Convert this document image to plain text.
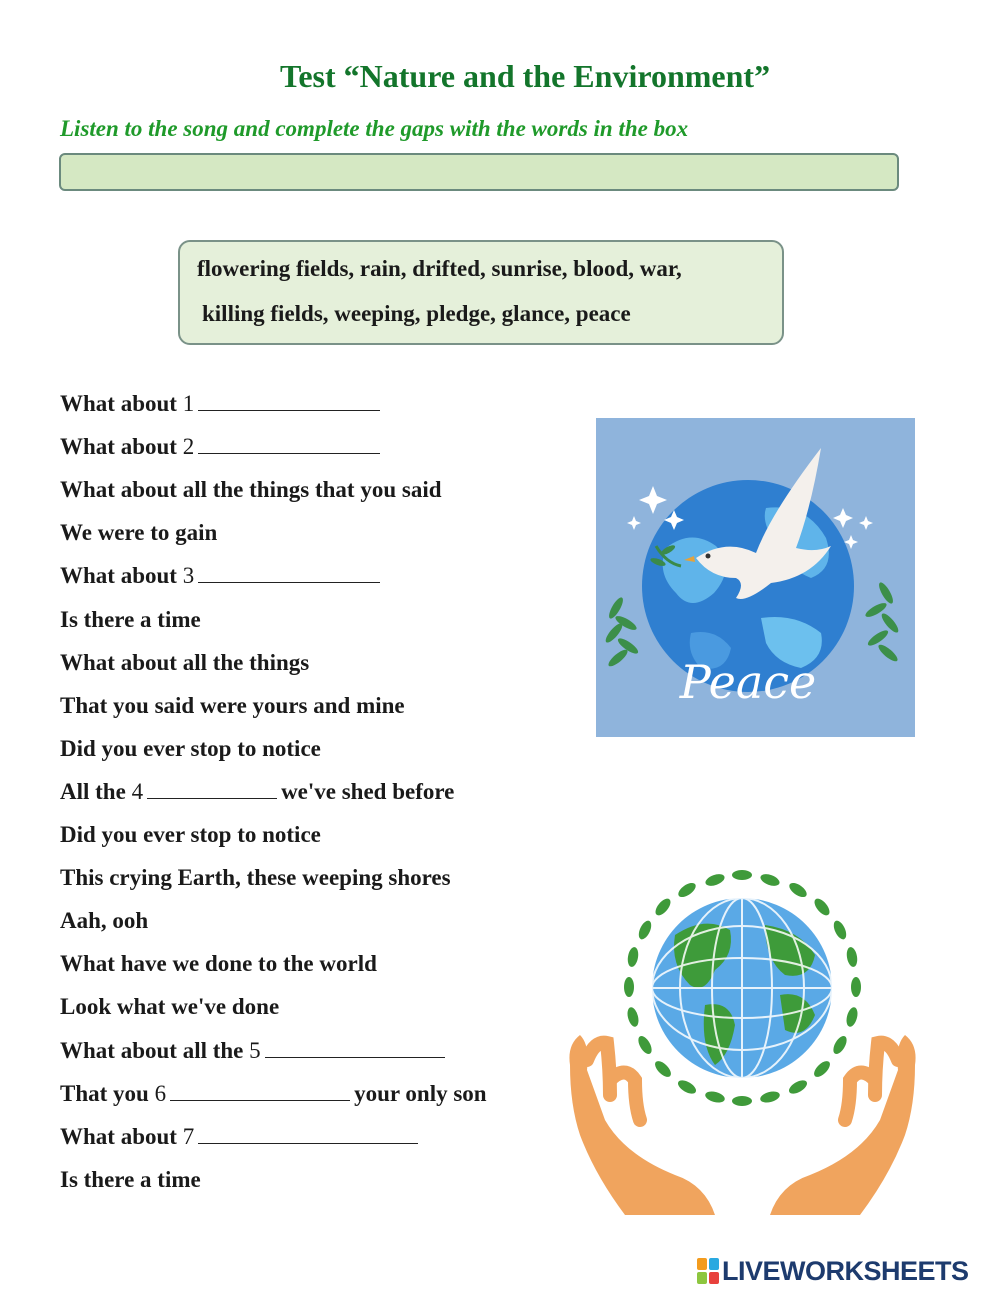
Test “Nature and the Environment”
Listen to the song and complete the gaps with the words in the box
flowering fields, rain, drifted, sunrise, blood, war,
killing fields, weeping, pledge, glance, peace
What about 1
What about 2
What about all the things that you said
We were to gain
What about 3
Is there a time
What about all the things
That you said were yours and mine
Did you ever stop to notice
All the 4	we've shed before
Did you ever stop to notice
This crying Earth, these weeping shores
Aah, ooh
What have we done to the world
Look what we've done
What about all the 5
That you 6	your only son
What about 7
Is there a time
Peace
LIVEWORKSHEETS
